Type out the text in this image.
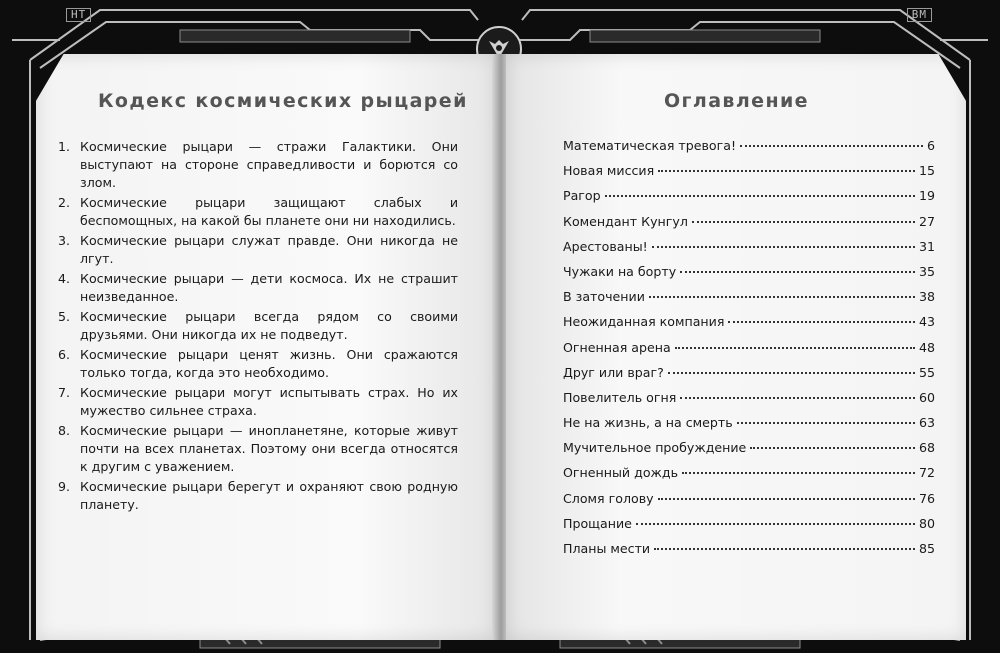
НТ	ВМ
Кодекс космических рыцарей
1. Космические рыцари — стражи Галактики. Они выступают на стороне справедливости и борются со злом.
2. Космические рыцари защищают слабых и беспомощных, на какой бы планете они ни находились.
3. Космические рыцари служат правде. Они никогда не лгут.
4. Космические рыцари — дети космоса. Их не страшит неизведанное.
5. Космические рыцари всегда рядом со своими друзьями. Они никогда их не подведут.
6. Космические рыцари ценят жизнь. Они сражаются только тогда, когда это необходимо.
7. Космические рыцари могут испытывать страх. Но их мужество сильнее страха.
8. Космические рыцари — инопланетяне, которые живут почти на всех планетах. Поэтому они всегда относятся к другим с уважением.
9. Космические рыцари берегут и охраняют свою родную планету.
Оглавление
Математическая тревога!	6
Новая миссия	15
Рагор	19
Комендант Кунгул	27
Арестованы!	31
Чужаки на борту	35
В заточении	38
Неожиданная компания	43
Огненная арена	48
Друг или враг?	55
Повелитель огня	60
Не на жизнь, а на смерть	63
Мучительное пробуждение	68
Огненный дождь	72
Сломя голову	76
Прощание	80
Планы мести	85
